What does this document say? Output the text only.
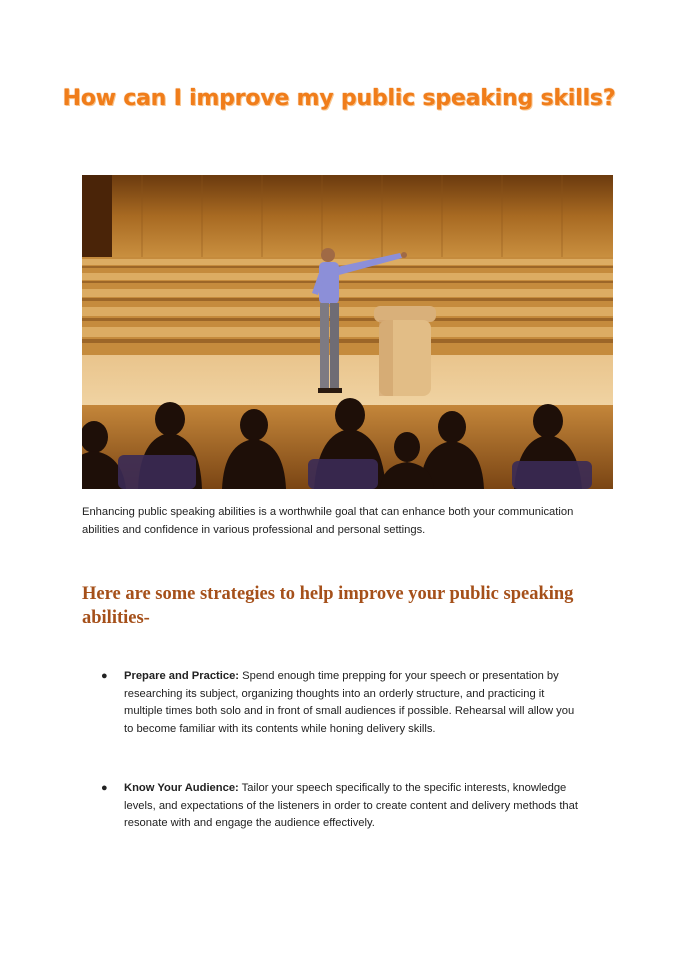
How can I improve my public speaking skills?
Enhancing public speaking abilities is a worthwhile goal that can enhance both your communication abilities and confidence in various professional and personal settings.
Here are some strategies to help improve your public speaking abilities-
● Prepare and Practice: Spend enough time prepping for your speech or presentation by researching its subject, organizing thoughts into an orderly structure, and practicing it multiple times both solo and in front of small audiences if possible. Rehearsal will allow you to become familiar with its contents while honing delivery skills.
● Know Your Audience: Tailor your speech specifically to the specific interests, knowledge levels, and expectations of the listeners in order to create content and delivery methods that resonate with and engage the audience effectively.
